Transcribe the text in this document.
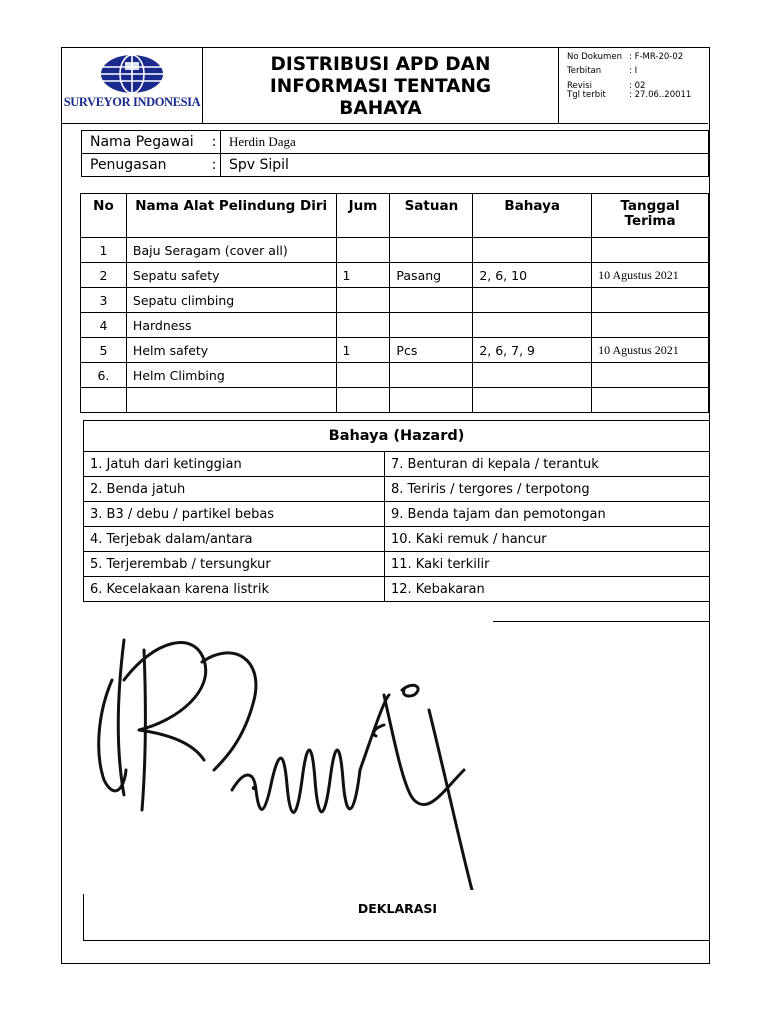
SURVEYOR INDONESIA
DISTRIBUSI APD DAN
INFORMASI TENTANG
BAHAYA
No Dokumen : F-MR-20-02
Terbitan	: I
Revisi	: 02
Tgl terbit	: 27.06..20011
Nama Pegawai	:	Herdin Daga
Penugasan	:	Spv Sipil
No	Nama Alat Pelindung Diri	Jum	Satuan	Bahaya	Tanggal Terima
1	Baju Seragam (cover all)				
2	Sepatu safety	1	Pasang	2, 6, 10	10 Agustus 2021
3	Sepatu climbing				
4	Hardness				
5	Helm safety	1	Pcs	2, 6, 7, 9	10 Agustus 2021
6.	Helm Climbing				

Bahaya (Hazard)	
1. Jatuh dari ketinggian	7. Benturan di kepala / terantuk
2. Benda jatuh	8. Teriris / tergores / terpotong
3. B3 / debu / partikel bebas	9. Benda tajam dan pemotongan
4. Terjebak dalam/antara	10. Kaki remuk / hancur
5. Terjerembab / tersungkur	11. Kaki terkilir
6. Kecelakaan karena listrik	12. Kebakaran
DEKLARASI
